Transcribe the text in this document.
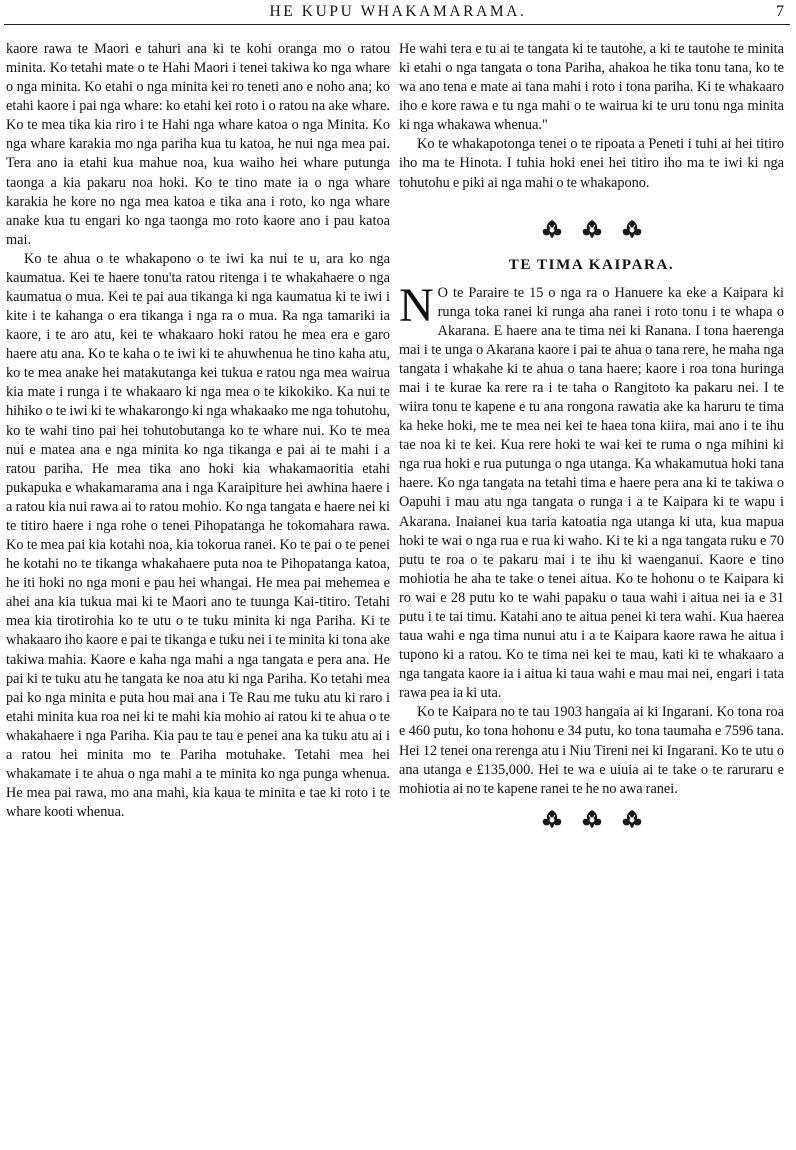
HE KUPU WHAKAMARAMA.	7

kaore rawa te Maori e tahuri ana ki te kohi oranga mo o ratou minita. Ko tetahi mate o te Hahi Maori i tenei takiwa ko nga whare o nga minita. Ko etahi o nga minita kei ro teneti ano e noho ana; ko etahi kaore i pai nga whare: ko etahi kei roto i o ratou na ake whare. Ko te mea tika kia riro i te Hahi nga whare katoa o nga Minita. Ko nga whare karakia mo nga pariha kua tu katoa, he nui nga mea pai. Tera ano ia etahi kua mahue noa, kua waiho hei whare putunga taonga a kia pakaru noa hoki. Ko te tino mate ia o nga whare karakia he kore no nga mea katoa e tika ana i roto, ko nga whare anake kua tu engari ko nga taonga mo roto kaore ano i pau katoa mai.

Ko te ahua o te whakapono o te iwi ka nui te u, ara ko nga kaumatua. Kei te haere tonu'ta ratou ritenga i te whakahaere o nga kaumatua o mua. Kei te pai aua tikanga ki nga kaumatua ki te iwi i kite i te kahanga o era tikanga i nga ra o mua. Ra nga tamariki ia kaore, i te aro atu, kei te whakaaro hoki ratou he mea era e garo haere atu ana. Ko te kaha o te iwi ki te ahuwhenua he tino kaha atu, ko te mea anake hei matakutanga kei tukua e ratou nga mea wairua kia mate i runga i te whakaaro ki nga mea o te kikokiko. Ka nui te hihiko o te iwi ki te whakarongo ki nga whakaako me nga tohutohu, ko te wahi tino pai hei tohutobutanga ko te whare nui. Ko te mea nui e matea ana e nga minita ko nga tikanga e pai ai te mahi i a ratou pariha. He mea tika ano hoki kia whakamaoritia etahi pukapuka e whakamarama ana i nga Karaipiture hei awhina haere i a ratou kia nui rawa ai to ratou mohio. Ko nga tangata e haere nei ki te titiro haere i nga rohe o tenei Pihopatanga he tokomahara rawa. Ko te mea pai kia kotahi noa, kia tokorua ranei. Ko te pai o te penei he kotahi no te tikanga whakahaere puta noa te Pihopatanga katoa, he iti hoki no nga moni e pau hei whangai. He mea pai mehemea e ahei ana kia tukua mai ki te Maori ano te tuunga Kai-titiro. Tetahi mea kia tirotirohia ko te utu o te tuku minita ki nga Pariha. Ki te whakaaro iho kaore e pai te tikanga e tuku nei i te minita ki tona ake takiwa mahia. Kaore e kaha nga mahi a nga tangata e pera ana. He pai ki te tuku atu he tangata ke noa atu ki nga Pariha. Ko tetahi mea pai ko nga minita e puta hou mai ana i Te Rau me tuku atu ki raro i etahi minita kua roa nei ki te mahi kia mohio ai ratou ki te ahua o te whakahaere i nga Pariha. Kia pau te tau e penei ana ka tuku atu ai i a ratou hei minita mo te Pariha motuhake. Tetahi mea hei whakamate i te ahua o nga mahi a te minita ko nga punga whenua. He mea pai rawa, mo ana mahi, kia kaua te minita e tae ki roto i te whare kooti whenua.

He wahi tera e tu ai te tangata ki te tautohe, a ki te tautohe te minita ki etahi o nga tangata o tona Pariha, ahakoa he tika tonu tana, ko te wa ano tena e mate ai tana mahi i roto i tona pariha. Ki te whakaaro iho e kore rawa e tu nga mahi o te wairua ki te uru tonu nga minita ki nga whakawa whenua."

Ko te whakapotonga tenei o te ripoata a Peneti i tuhi ai hei titiro iho ma te Hinota. I tuhia hoki enei hei titiro iho ma te iwi ki nga tohutohu e piki ai nga mahi o te whakapono.

TE TIMA KAIPARA.

N O te Paraire te 15 o nga ra o Hanuere ka eke a Kaipara ki runga toka ranei ki runga aha ranei i roto tonu i te whapa o Akarana. E haere ana te tima nei ki Ranana. I tona haerenga mai i te unga o Akarana kaore i pai te ahua o tana rere, he maha nga tangata i whakahe ki te ahua o tana haere; kaore i roa tona huringa mai i te kurae ka rere ra i te taha o Rangitoto ka pakaru nei. I te wiira tonu te kapene e tu ana rongona rawatia ake ka haruru te tima ka heke hoki, me te mea nei kei te haea tona kiira, mai ano i te ihu tae noa ki te kei. Kua rere hoki te wai kei te ruma o nga mihini ki nga rua hoki e rua putunga o nga utanga. Ka whakamutua hoki tana haere. Ko nga tangata na tetahi tima e haere pera ana ki te takiwa o Oapuhi i mau atu nga tangata o runga i a te Kaipara ki te wapu i Akarana. Inaianei kua taria katoatia nga utanga ki uta, kua mapua hoki te wai o nga rua e rua ki waho. Ki te ki a nga tangata ruku e 70 putu te roa o te pakaru mai i te ihu ki waenganui. Kaore e tino mohiotia he aha te take o tenei aitua. Ko te hohonu o te Kaipara ki ro wai e 28 putu ko te wahi papaku o taua wahi i aitua nei ia e 31 putu i te tai timu. Katahi ano te aitua penei ki tera wahi. Kua haerea taua wahi e nga tima nunui atu i a te Kaipara kaore rawa he aitua i tupono ki a ratou. Ko te tima nei kei te mau, kati ki te whakaaro a nga tangata kaore ia i aitua ki taua wahi e mau mai nei, engari i tata rawa pea ia ki uta.

Ko te Kaipara no te tau 1903 hangaia ai ki Ingarani. Ko tona roa e 460 putu, ko tona hohonu e 34 putu, ko tona taumaha e 7596 tana. Hei 12 tenei ona rerenga atu i Niu Tireni nei ki Ingarani. Ko te utu o ana utanga e £135,000. Hei te wa e uiuia ai te take o te raruraru e mohiotia ai no te kapene ranei te he no awa ranei.
